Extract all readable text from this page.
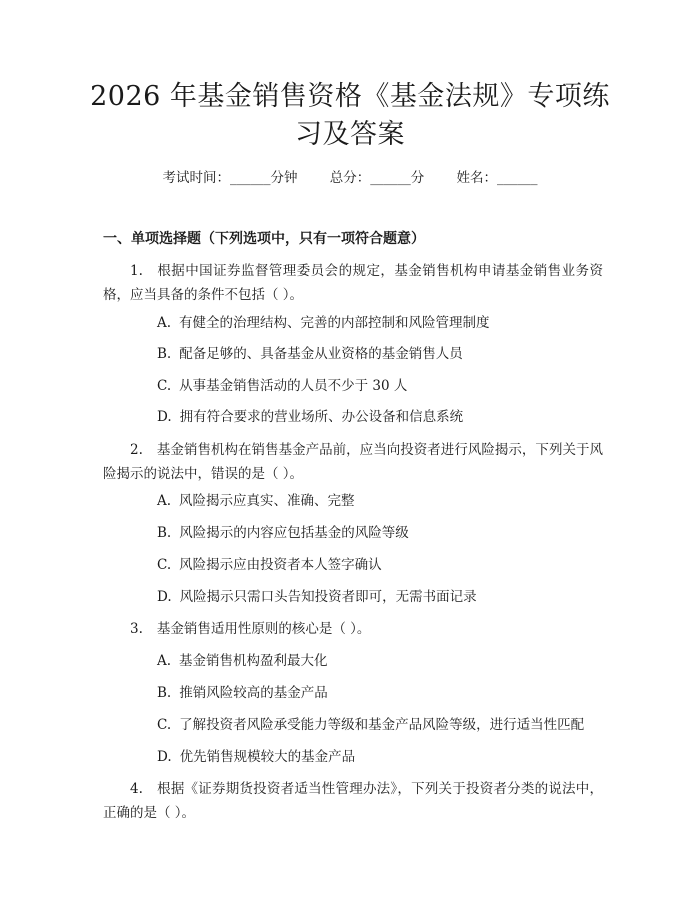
2026 年基金销售资格《基金法规》专项练习及答案
考试时间：______分钟 总分：______分 姓名：______
一、单项选择题（下列选项中，只有一项符合题意）
1. 根据中国证券监督管理委员会的规定，基金销售机构申请基金销售业务资格，应当具备的条件不包括（ ）。
A. 有健全的治理结构、完善的内部控制和风险管理制度
B. 配备足够的、具备基金从业资格的基金销售人员
C. 从事基金销售活动的人员不少于 30 人
D. 拥有符合要求的营业场所、办公设备和信息系统
2. 基金销售机构在销售基金产品前，应当向投资者进行风险揭示，下列关于风险揭示的说法中，错误的是（ ）。
A. 风险揭示应真实、准确、完整
B. 风险揭示的内容应包括基金的风险等级
C. 风险揭示应由投资者本人签字确认
D. 风险揭示只需口头告知投资者即可，无需书面记录
3. 基金销售适用性原则的核心是（ ）。
A. 基金销售机构盈利最大化
B. 推销风险较高的基金产品
C. 了解投资者风险承受能力等级和基金产品风险等级，进行适当性匹配
D. 优先销售规模较大的基金产品
4. 根据《证券期货投资者适当性管理办法》，下列关于投资者分类的说法中，正确的是（ ）。
